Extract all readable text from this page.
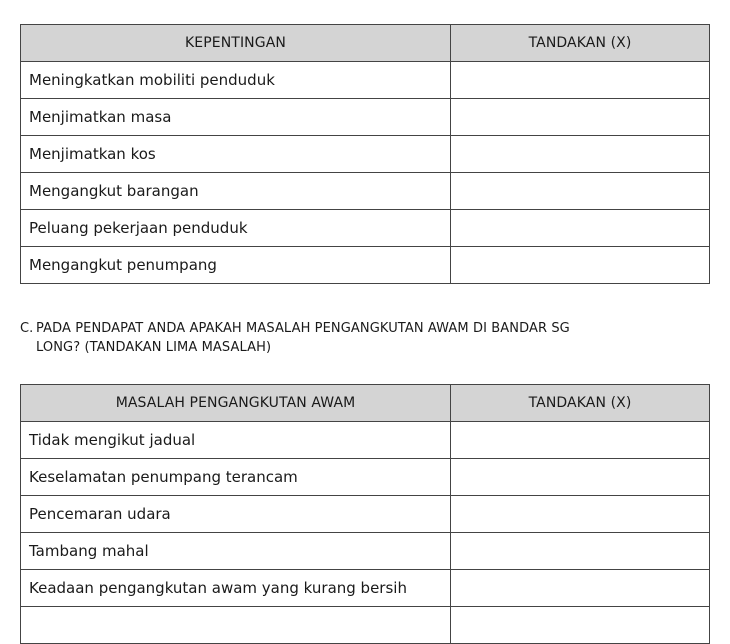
KEPENTINGAN	TANDAKAN (X)
Meningkatkan mobiliti penduduk	
Menjimatkan masa	
Menjimatkan kos	
Mengangkut barangan	
Peluang pekerjaan penduduk	
Mengangkut penumpang	
C. PADA PENDAPAT ANDA APAKAH MASALAH PENGANGKUTAN AWAM DI BANDAR SG
LONG? (TANDAKAN LIMA MASALAH)
MASALAH PENGANGKUTAN AWAM	TANDAKAN (X)
Tidak mengikut jadual	
Keselamatan penumpang terancam	
Pencemaran udara	
Tambang mahal	
Keadaan pengangkutan awam yang kurang bersih	
